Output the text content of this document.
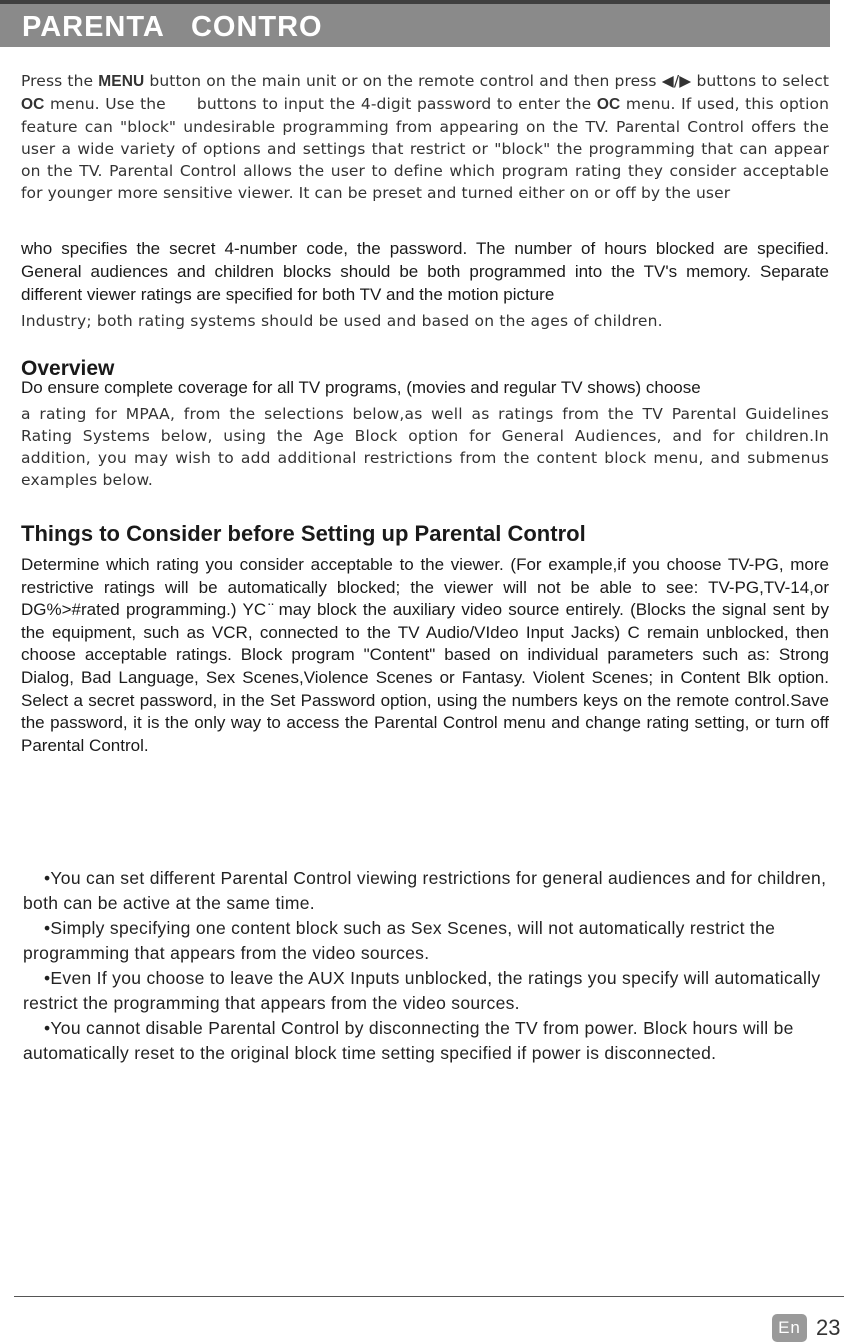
PARENTA   CONTRO

Press the MENU button on the main unit or on the remote control and then press ◀/▶ buttons to select OC menu. Use the  buttons to input the 4-digit password to enter the OC menu. If used, this option feature can "block" undesirable programming from appearing on the TV. Parental Control offers the user a wide variety of options and settings that restrict or "block" the programming that can appear on the TV. Parental Control allows the user to define which program rating they consider acceptable for younger more sensitive viewer. It can be preset and turned either on or off by the user

who specifies the secret 4-number code, the password. The number of hours blocked are specified. General audiences and children blocks should be both programmed into the TV's memory. Separate different viewer ratings are specified for both TV and the motion picture

Industry; both rating systems should be used and based on the ages of children.

Overview

Do ensure complete coverage for all TV programs, (movies and regular TV shows) choose

a rating for MPAA, from the selections below,as well as ratings from the TV Parental Guidelines Rating Systems below, using the Age Block option for General Audiences, and for children.In addition, you may wish to add additional restrictions from the content block menu, and submenus examples below.

Things to Consider before Setting up Parental Control

Determine which rating you consider acceptable to the viewer. (For example,if you choose TV-PG, more restrictive ratings will be automatically blocked; the viewer will not be able to see: TV-PG,TV-14,or DG%>#rated programming.) YC ̈ may block the auxiliary video source entirely. (Blocks the signal sent by the equipment, such as VCR, connected to the TV Audio/VIdeo Input Jacks) C remain unblocked, then choose acceptable ratings. Block program "Content" based on individual parameters such as: Strong Dialog, Bad Language, Sex Scenes,Violence Scenes or Fantasy. Violent Scenes; in Content Blk option. Select a secret password, in the Set Password option, using the numbers keys on the remote control.Save the password, it is the only way to access the Parental Control menu and change rating setting, or turn off Parental Control.

•You can set different Parental Control viewing restrictions for general audiences and for children, both can be active at the same time.

•Simply specifying one content block such as Sex Scenes, will not automatically restrict the programming that appears from the video sources.

•Even If you choose to leave the AUX Inputs unblocked, the ratings you specify will automatically restrict the programming that appears from the video sources.

•You cannot disable Parental Control by disconnecting the TV from power. Block hours will be automatically reset to the original block time setting specified if power is disconnected.

En 23
